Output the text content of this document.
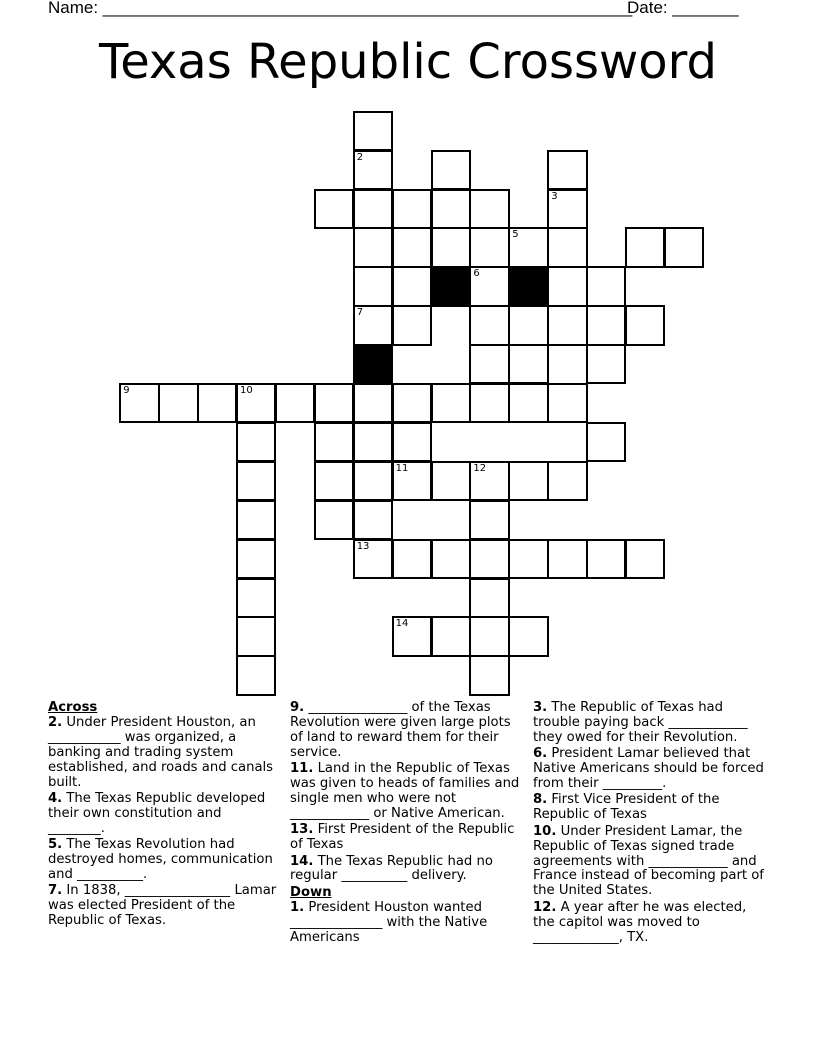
Name: ________________________________________________________
Date: _______
Texas Republic Crossword
2
7
13
6
5
9	10
11	12
14
3
Across
2. Under President Houston, an ___________ was organized, a banking and trading system established, and roads and canals built.
4. The Texas Republic developed their own constitution and ________.
5. The Texas Revolution had destroyed homes, communication and __________.
7. In 1838, ________________ Lamar was elected President of the Republic of Texas.
9. _______________ of the Texas Revolution were given large plots of land to reward them for their service.
11. Land in the Republic of Texas was given to heads of families and single men who were not ____________ or Native American.
13. First President of the Republic of Texas
14. The Texas Republic had no regular __________ delivery.
Down
1. President Houston wanted ______________ with the Native Americans
3. The Republic of Texas had trouble paying back ____________ they owed for their Revolution.
6. President Lamar believed that Native Americans should be forced from their _________.
8. First Vice President of the Republic of Texas
10. Under President Lamar, the Republic of Texas signed trade agreements with ____________ and France instead of becoming part of the United States.
12. A year after he was elected, the capitol was moved to _____________, TX.
